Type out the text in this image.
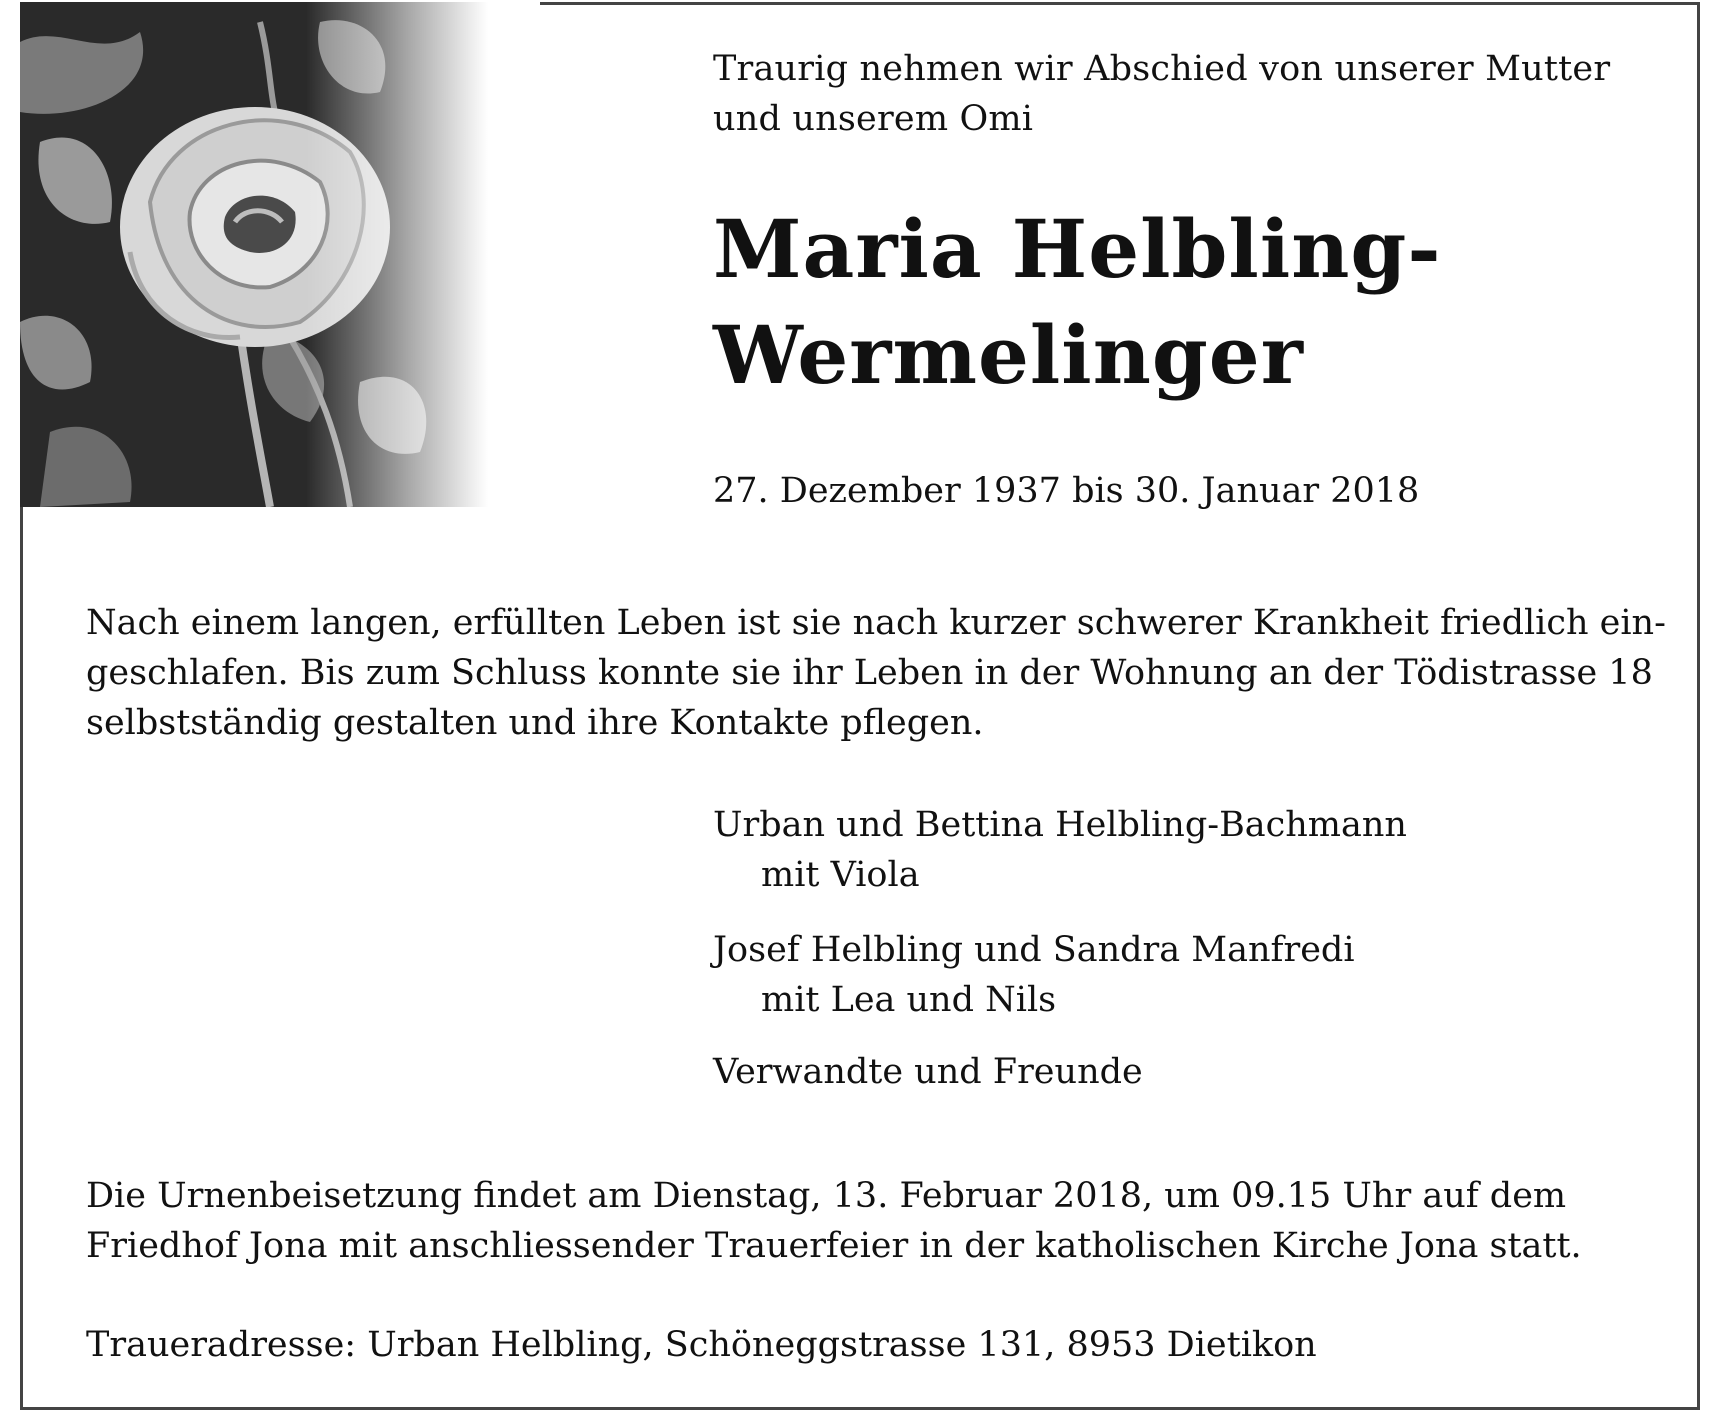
Traurig nehmen wir Abschied von unserer Mutter
und unserem Omi
Maria Helbling-
Wermelinger
27. Dezember 1937 bis 30. Januar 2018

Nach einem langen, erfüllten Leben ist sie nach kurzer schwerer Krankheit friedlich ein-
geschlafen. Bis zum Schluss konnte sie ihr Leben in der Wohnung an der Tödistrasse 18
selbstständig gestalten und ihre Kontakte pflegen.

Urban und Bettina Helbling-Bachmann
mit Viola
Josef Helbling und Sandra Manfredi
mit Lea und Nils
Verwandte und Freunde

Die Urnenbeisetzung findet am Dienstag, 13. Februar 2018, um 09.15 Uhr auf dem
Friedhof Jona mit anschliessender Trauerfeier in der katholischen Kirche Jona statt.

Traueradresse: Urban Helbling, Schöneggstrasse 131, 8953 Dietikon
